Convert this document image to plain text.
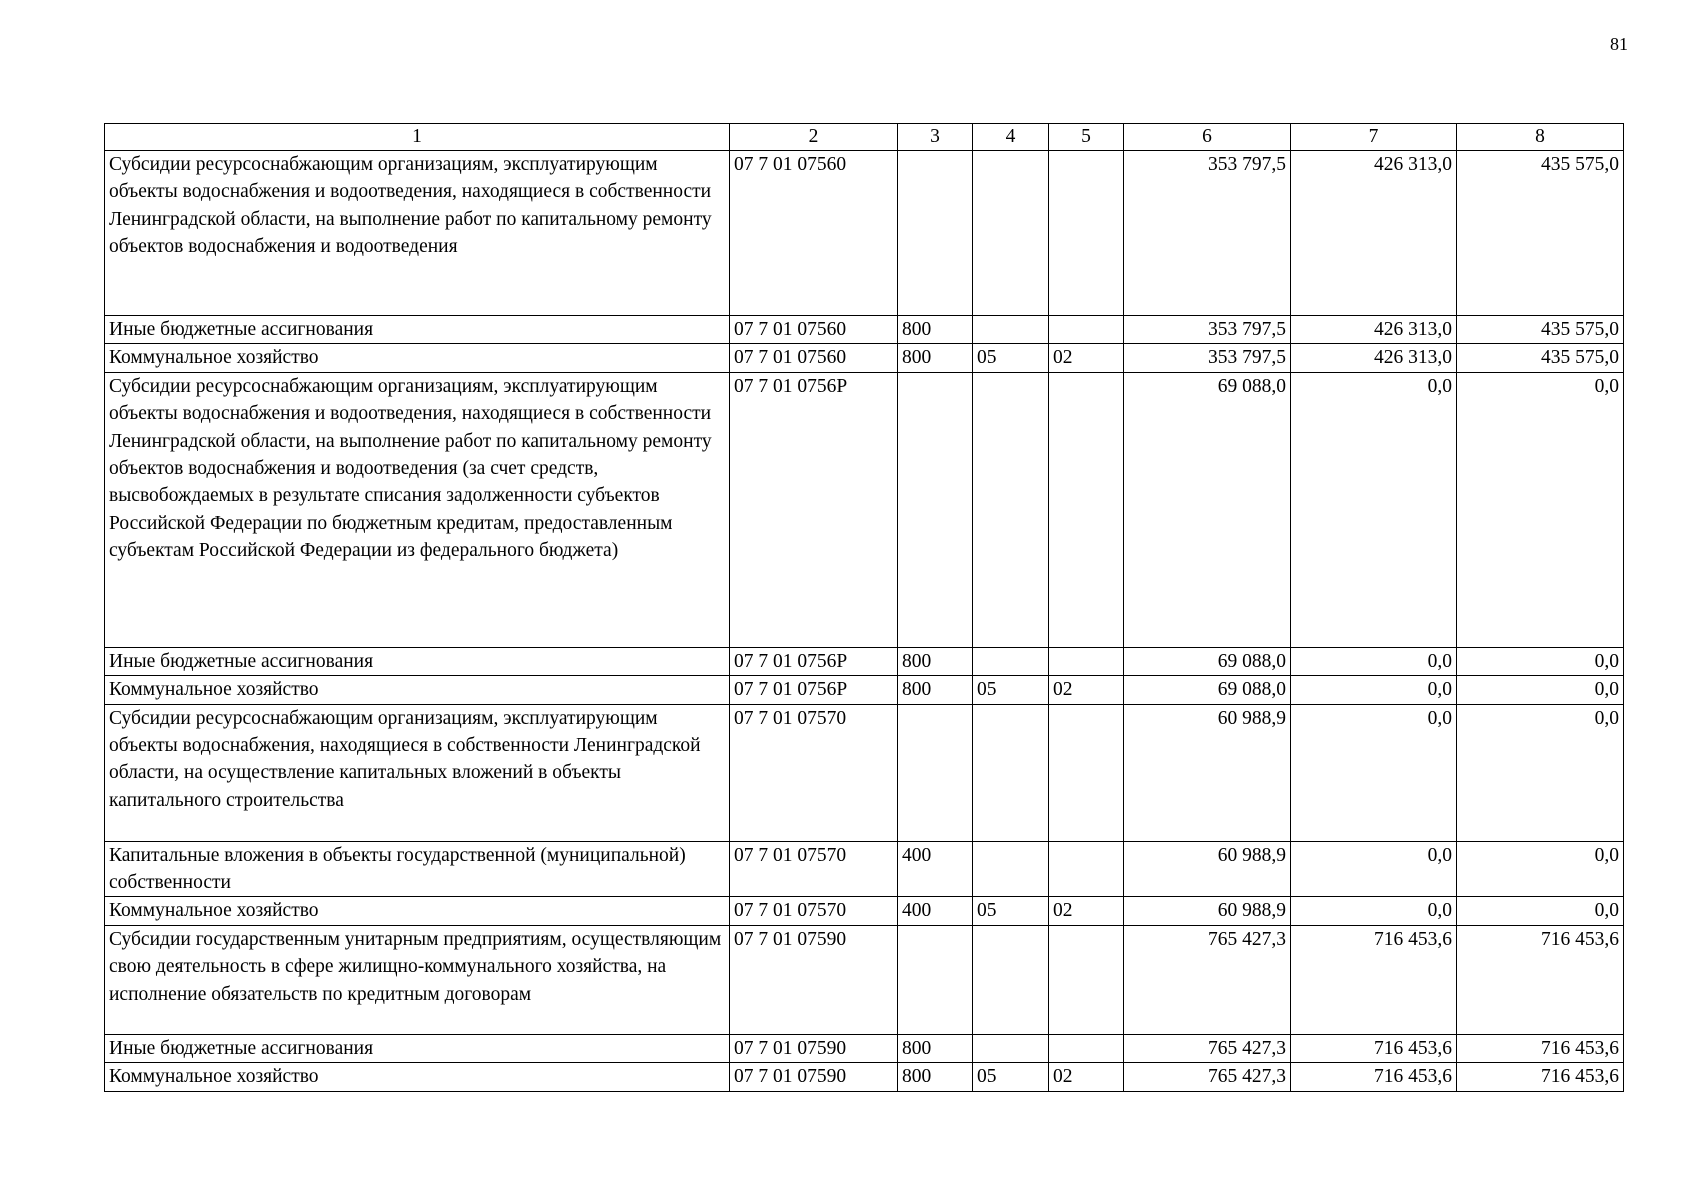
81
1	2	3	4	5	6	7	8
Субсидии ресурсоснабжающим организациям, эксплуатирующим объекты водоснабжения и водоотведения, находящиеся в собственности Ленинградской области, на выполнение работ по капитальному ремонту объектов водоснабжения и водоотведения	07 7 01 07560				353 797,5	426 313,0	435 575,0
Иные бюджетные ассигнования	07 7 01 07560	800			353 797,5	426 313,0	435 575,0
Коммунальное хозяйство	07 7 01 07560	800	05	02	353 797,5	426 313,0	435 575,0
Субсидии ресурсоснабжающим организациям, эксплуатирующим объекты водоснабжения и водоотведения, находящиеся в собственности Ленинградской области, на выполнение работ по капитальному ремонту объектов водоснабжения и водоотведения (за счет средств, высвобождаемых в результате списания задолженности субъектов Российской Федерации по бюджетным кредитам, предоставленным субъектам Российской Федерации из федерального бюджета)	07 7 01 0756Р				69 088,0	0,0	0,0
Иные бюджетные ассигнования	07 7 01 0756Р	800			69 088,0	0,0	0,0
Коммунальное хозяйство	07 7 01 0756Р	800	05	02	69 088,0	0,0	0,0
Субсидии ресурсоснабжающим организациям, эксплуатирующим объекты водоснабжения, находящиеся в собственности Ленинградской области, на осуществление капитальных вложений в объекты капитального строительства	07 7 01 07570				60 988,9	0,0	0,0
Капитальные вложения в объекты государственной (муниципальной) собственности	07 7 01 07570	400			60 988,9	0,0	0,0
Коммунальное хозяйство	07 7 01 07570	400	05	02	60 988,9	0,0	0,0
Субсидии государственным унитарным предприятиям, осуществляющим свою деятельность в сфере жилищно-коммунального хозяйства, на исполнение обязательств по кредитным договорам	07 7 01 07590				765 427,3	716 453,6	716 453,6
Иные бюджетные ассигнования	07 7 01 07590	800			765 427,3	716 453,6	716 453,6
Коммунальное хозяйство	07 7 01 07590	800	05	02	765 427,3	716 453,6	716 453,6
